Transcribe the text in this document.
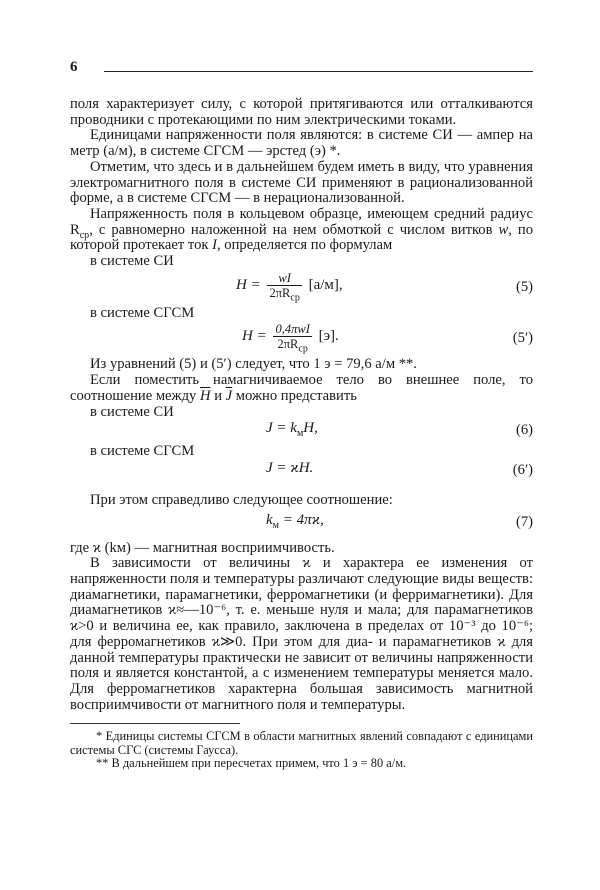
6

поля характеризует силу, с которой притягиваются или отталкиваются проводники с протекающими по ним электрическими токами.

Единицами напряженности поля являются: в системе СИ — ампер на метр (а/м), в системе СГСМ — эрстед (э) *.

Отметим, что здесь и в дальнейшем будем иметь в виду, что уравнения электромагнитного поля в системе СИ применяют в рационализованной форме, а в системе СГСМ — в нерационализованной.

Напряженность поля в кольцевом образце, имеющем средний радиус $R_{ср}$, с равномерно наложенной на нем обмоткой с числом витков w, по которой протекает ток I, определяется по формулам

в системе СИ

$H = \frac{wI}{2\pi R_{ср}} [а/м]$,	(5)

в системе СГСМ

$H = \frac{\text{0,4πwI}}{2\pi R_{ср}} [э]$.	(5′)

Из уравнений (5) и (5′) следует, что 1 э = 79,6 а/м **.

Если поместить намагничиваемое тело во внешнее поле, то соотношение между $\overline{H}$ и $\overline{J}$ можно представить

в системе СИ

$J = k_мH$,	(6)

в системе СГСМ

J = ϰH.	(6′)

При этом справедливо следующее соотношение:

$k_м = 4\pi ϰ$,	(7)

где ϰ (kм) — магнитная восприимчивость.

В зависимости от величины ϰ и характера ее изменения от напряженности поля и температуры различают следующие виды веществ: диамагнетики, парамагнетики, ферромагнетики (и ферримагнетики). Для диамагнетиков ϰ≈—10⁻⁶, т. е. меньше нуля и мала; для парамагнетиков ϰ>0 и величина ее, как правило, заключена в пределах от 10⁻³ до 10⁻⁶; для ферромагнетиков ϰ≫0. При этом для диа- и парамагнетиков ϰ для данной температуры практически не зависит от величины напряженности поля и является константой, а с изменением температуры меняется мало. Для ферромагнетиков характерна большая зависимость магнитной восприимчивости от магнитного поля и температуры.

* Единицы системы СГСМ в области магнитных явлений совпадают с единицами системы СГС (системы Гаусса).

** В дальнейшем при пересчетах примем, что 1 э = 80 а/м.
